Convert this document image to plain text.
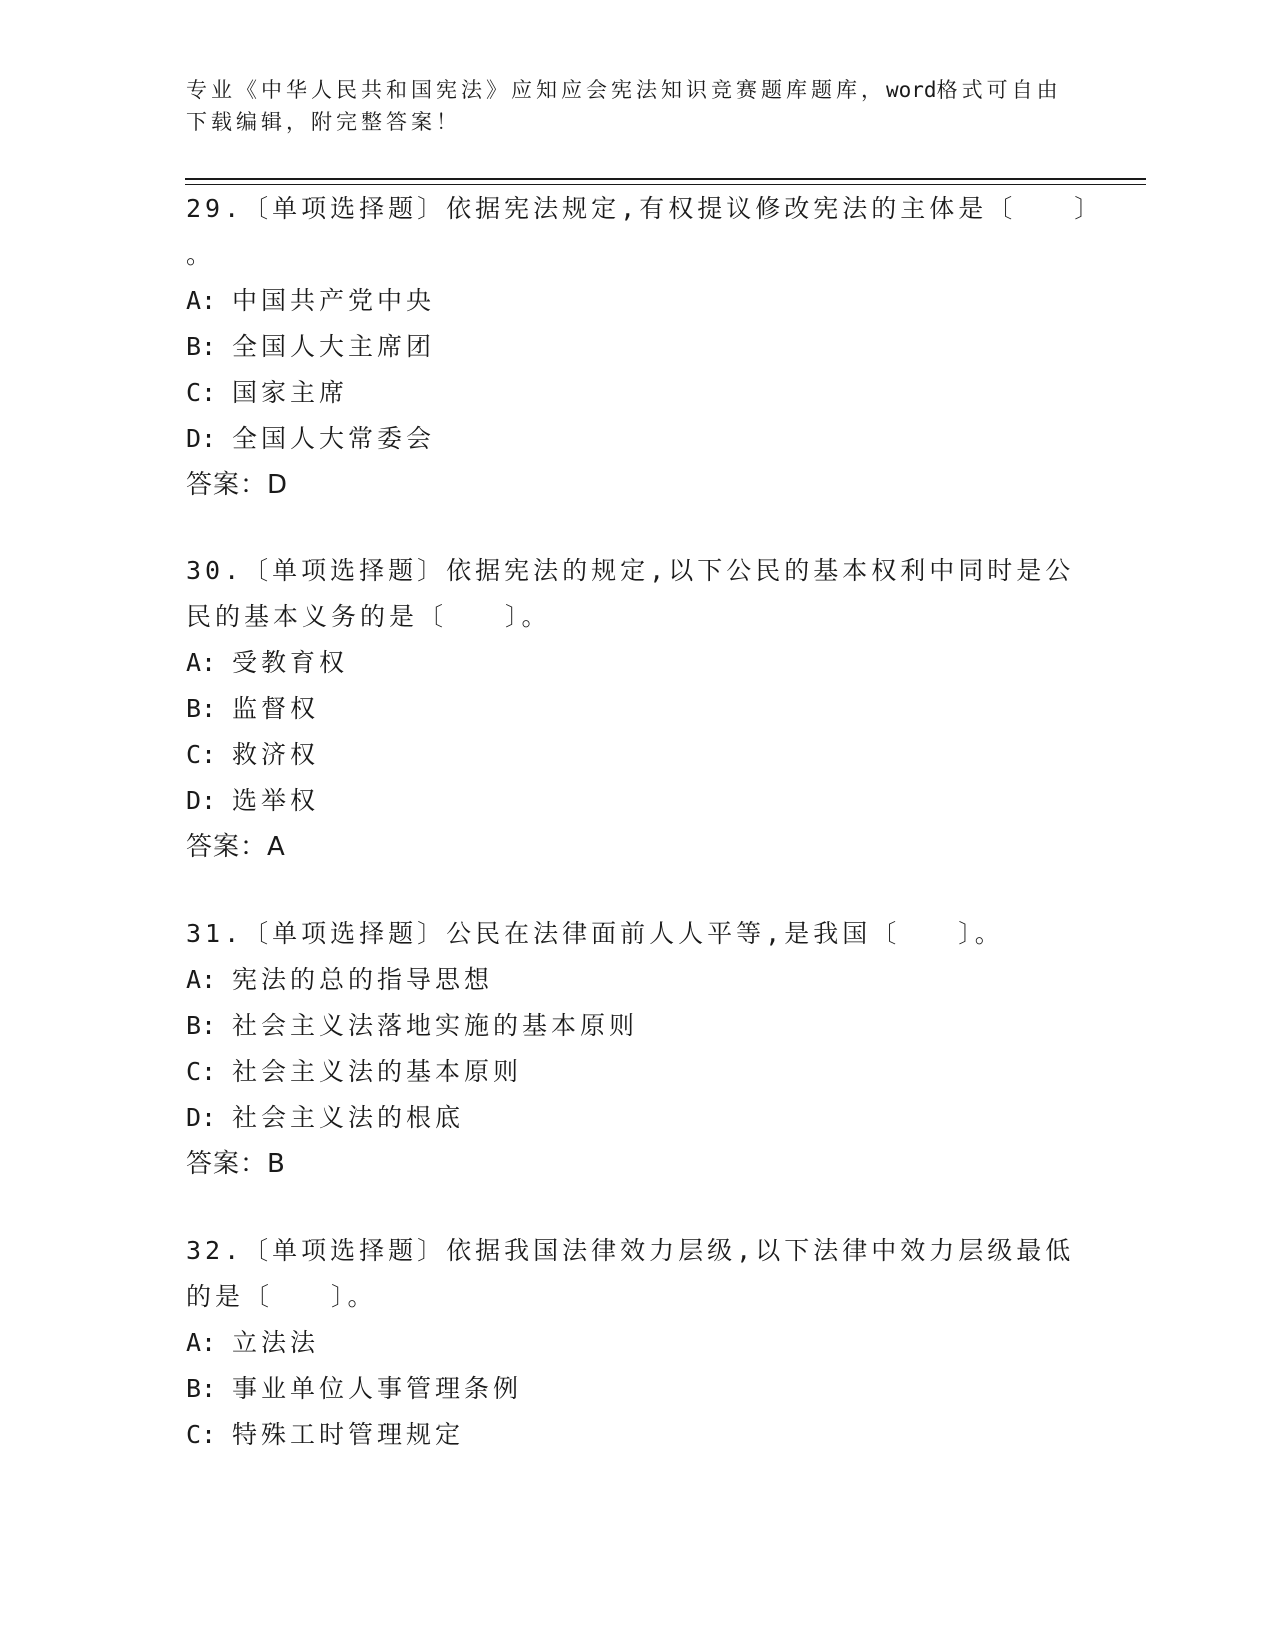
专业《中华人民共和国宪法》应知应会宪法知识竞赛题库题库，word格式可自由
下载编辑，附完整答案！
29.〔单项选择题〕依据宪法规定,有权提议修改宪法的主体是〔　　〕
。
A: 中国共产党中央
B: 全国人大主席团
C: 国家主席
D: 全国人大常委会
答案：D
30.〔单项选择题〕依据宪法的规定,以下公民的基本权利中同时是公
民的基本义务的是〔　　〕。
A: 受教育权
B: 监督权
C: 救济权
D: 选举权
答案：A
31.〔单项选择题〕公民在法律面前人人平等,是我国〔　　〕。
A: 宪法的总的指导思想
B: 社会主义法落地实施的基本原则
C: 社会主义法的基本原则
D: 社会主义法的根底
答案：B
32.〔单项选择题〕依据我国法律效力层级,以下法律中效力层级最低
的是〔　　〕。
A: 立法法
B: 事业单位人事管理条例
C: 特殊工时管理规定
